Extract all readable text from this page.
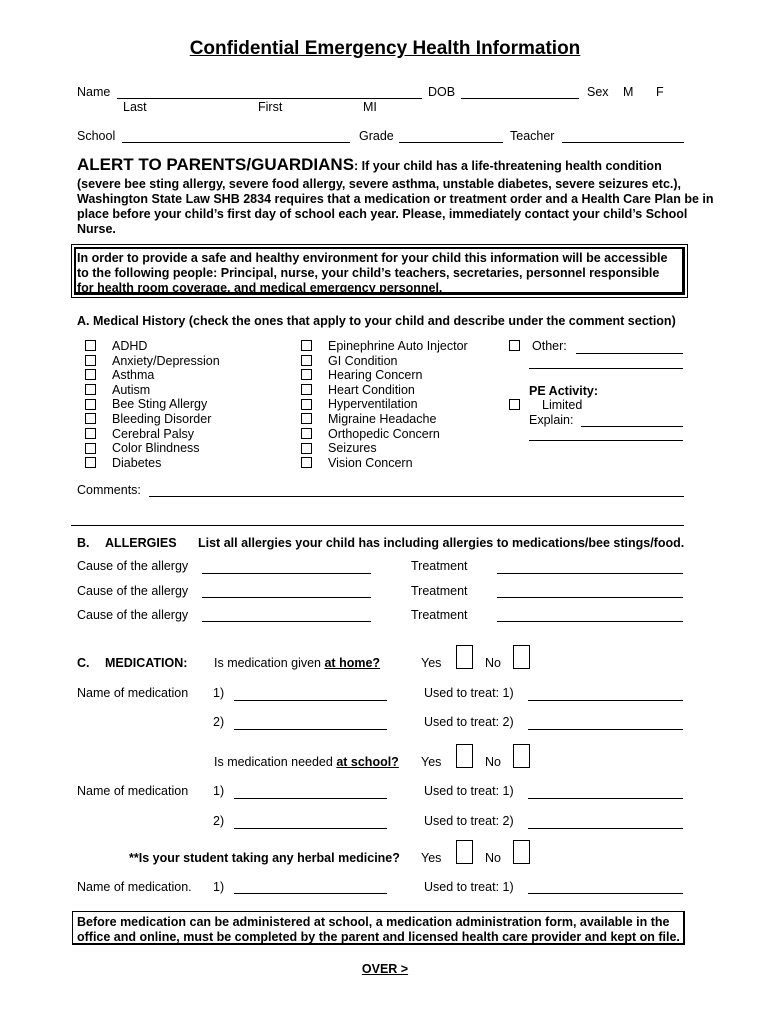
Confidential Emergency Health Information
Name	DOB	Sex M F
Last	First	MI
School	Grade	Teacher
ALERT TO PARENTS/GUARDIANS: If your child has a life-threatening health condition
(severe bee sting allergy, severe food allergy, severe asthma, unstable diabetes, severe seizures etc.),
Washington State Law SHB 2834 requires that a medication or treatment order and a Health Care Plan be in
place before your child’s first day of school each year. Please, immediately contact your child’s School
Nurse.
In order to provide a safe and healthy environment for your child this information will be accessible
to the following people: Principal, nurse, your child’s teachers, secretaries, personnel responsible
for health room coverage, and medical emergency personnel.
A. Medical History (check the ones that apply to your child and describe under the comment section)
ADHD
Anxiety/Depression
Asthma
Autism
Bee Sting Allergy
Bleeding Disorder
Cerebral Palsy
Color Blindness
Diabetes
Epinephrine Auto Injector
GI Condition
Hearing Concern
Heart Condition
Hyperventilation
Migraine Headache
Orthopedic Concern
Seizures
Vision Concern
Other:
PE Activity:
Limited
Explain:
Comments:
B. ALLERGIES List all allergies your child has including allergies to medications/bee stings/food.
Cause of the allergy	Treatment
Cause of the allergy	Treatment
Cause of the allergy	Treatment
C. MEDICATION: Is medication given at home?	Yes	No
Name of medication 1)	Used to treat: 1)
2)	Used to treat: 2)
Is medication needed at school? Yes	No
Name of medication 1)	Used to treat: 1)
2)	Used to treat: 2)
**Is your student taking any herbal medicine? Yes	No
Name of medication. 1)	Used to treat: 1)
Before medication can be administered at school, a medication administration form, available in the
office and online, must be completed by the parent and licensed health care provider and kept on file.
OVER >
